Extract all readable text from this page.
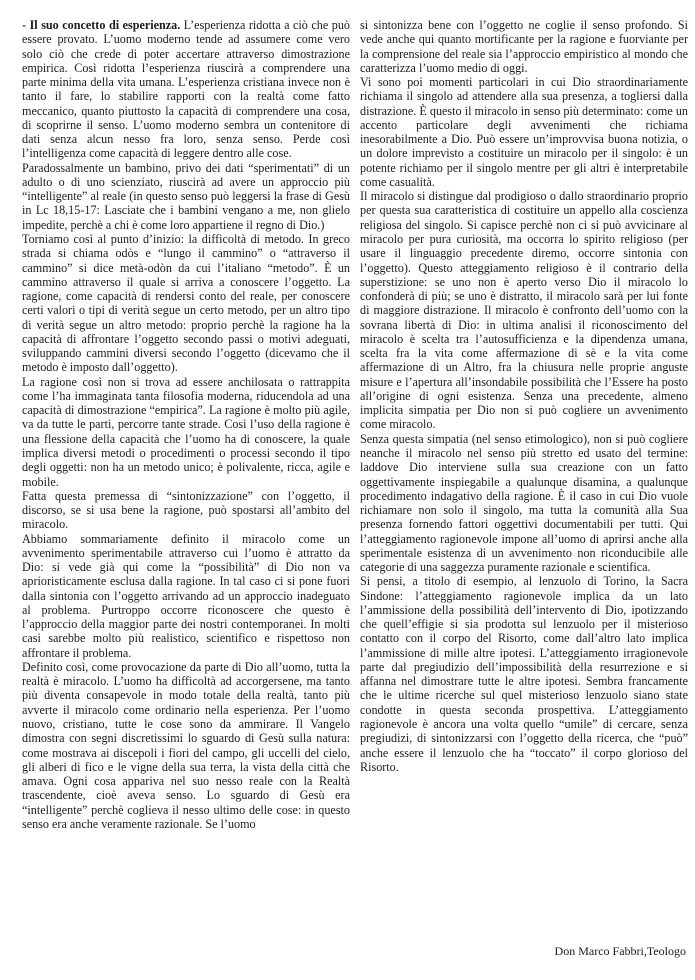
- Il suo concetto di esperienza. L’esperienza ridotta a ciò che può essere provato. L’uomo moderno tende ad assumere come vero solo ciò che crede di poter accertare attraverso dimostrazione empirica. Così ridotta l’esperienza riuscirà a comprendere una parte minima della vita umana. L’esperienza cristiana invece non è tanto il fare, lo stabilire rapporti con la realtà come fatto meccanico, quanto piuttosto la capacità di comprendere una cosa, di scoprirne il senso. L’uomo moderno sembra un contenitore di dati senza alcun nesso fra loro, senza senso. Perde così l’intelligenza come capacità di leggere dentro alle cose.

Paradossalmente un bambino, privo dei dati “sperimentati” di un adulto o di uno scienziato, riuscirà ad avere un approccio più “intelligente” al reale (in questo senso può leggersi la frase di Gesù in Lc 18,15-17: Lasciate che i bambini vengano a me, non glielo impedite, perchè a chi è come loro appartiene il regno di Dio.)

Torniamo così al punto d’inizio: la difficoltà di metodo. In greco strada si chiama odòs e “lungo il cammino” o “attraverso il cammino” si dice metà-odòn da cui l’italiano “metodo”. È un cammino attraverso il quale si arriva a conoscere l’oggetto. La ragione, come capacità di rendersi conto del reale, per conoscere certi valori o tipi di verità segue un certo metodo, per un altro tipo di verità segue un altro metodo: proprio perchè la ragione ha la capacità di affrontare l’oggetto secondo passi o motivi adeguati, sviluppando cammini diversi secondo l’oggetto (dicevamo che il metodo è imposto dall’oggetto).

La ragione così non si trova ad essere anchilosata o rattrappita come l’ha immaginata tanta filosofia moderna, riducendola ad una capacità di dimostrazione “empirica”. La ragione è molto più agile, va da tutte le parti, percorre tante strade. Così l’uso della ragione è una flessione della capacità che l’uomo ha di conoscere, la quale implica diversi metodi o procedimenti o processi secondo il tipo degli oggetti: non ha un metodo unico; è polivalente, ricca, agile e mobile.

Fatta questa premessa di “sintonizzazione” con l’oggetto, il discorso, se si usa bene la ragione, può spostarsi all’ambito del miracolo.

Abbiamo sommariamente definito il miracolo come un avvenimento sperimentabile attraverso cui l’uomo è attratto da Dio: si vede già qui come la “possibilità” di Dio non va aprioristicamente esclusa dalla ragione. In tal caso ci si pone fuori dalla sintonia con l’oggetto arrivando ad un approccio inadeguato al problema. Purtroppo occorre riconoscere che questo è l’approccio della maggior parte dei nostri contemporanei. In molti casi sarebbe molto più realistico, scientifico e rispettoso non affrontare il problema.

Definito così, come provocazione da parte di Dio all’uomo, tutta la realtà è miracolo. L’uomo ha difficoltà ad accorgersene, ma tanto più diventa consapevole in modo totale della realtà, tanto più avverte il miracolo come ordinario nella esperienza. Per l’uomo nuovo, cristiano, tutte le cose sono da ammirare. Il Vangelo dimostra con segni discretissimi lo sguardo di Gesù sulla natura: come mostrava ai discepoli i fiori del campo, gli uccelli del cielo, gli alberi di fico e le vigne della sua terra, la vista della città che amava. Ogni cosa appariva nel suo nesso reale con la Realtà trascendente, cioè aveva senso. Lo sguardo di Gesù era “intelligente” perchè coglieva il nesso ultimo delle cose: in questo senso era anche veramente razionale. Se l’uomo

si sintonizza bene con l’oggetto ne coglie il senso profondo. Si vede anche qui quanto mortificante per la ragione e fuorviante per la comprensione del reale sia l’approccio empiristico al mondo che caratterizza l’uomo medio di oggi.

Vi sono poi momenti particolari in cui Dio straordinariamente richiama il singolo ad attendere alla sua presenza, a togliersi dalla distrazione. È questo il miracolo in senso più determinato: come un accento particolare degli avvenimenti che richiama inesorabilmente a Dio. Può essere un’improvvisa buona notizia, o un dolore imprevisto a costituire un miracolo per il singolo: è un potente richiamo per il singolo mentre per gli altri è interpretabile come casualità.

Il miracolo si distingue dal prodigioso o dallo straordinario proprio per questa sua caratteristica di costituire un appello alla coscienza religiosa del singolo. Si capisce perchè non ci si può avvicinare al miracolo per pura curiosità, ma occorra lo spirito religioso (per usare il linguaggio precedente diremo, occorre sintonia con l’oggetto). Questo atteggiamento religioso è il contrario della superstizione: se uno non è aperto verso Dio il miracolo lo confonderà di più; se uno è distratto, il miracolo sarà per lui fonte di maggiore distrazione. Il miracolo è confronto dell’uomo con la sovrana libertà di Dio: in ultima analisi il riconoscimento del miracolo è scelta tra l’autosufficienza e la dipendenza umana, scelta fra la vita come affermazione di sè e la vita come affermazione di un Altro, fra la chiusura nelle proprie anguste misure e l’apertura all’insondabile possibilità che l’Essere ha posto all’origine di ogni esistenza. Senza una precedente, almeno implicita simpatia per Dio non si può cogliere un avvenimento come miracolo.

Senza questa simpatia (nel senso etimologico), non si può cogliere neanche il miracolo nel senso più stretto ed usato del termine: laddove Dio interviene sulla sua creazione con un fatto oggettivamente inspiegabile a qualunque disamina, a qualunque procedimento indagativo della ragione. È il caso in cui Dio vuole richiamare non solo il singolo, ma tutta la comunità alla Sua presenza fornendo fattori oggettivi documentabili per tutti. Qui l’atteggiamento ragionevole impone all’uomo di aprirsi anche alla sperimentale esistenza di un avvenimento non riconducibile alle categorie di una saggezza puramente razionale e scientifica.

Si pensi, a titolo di esempio, al lenzuolo di Torino, la Sacra Sindone: l’atteggiamento ragionevole implica da un lato l’ammissione della possibilità dell’intervento di Dio, ipotizzando che quell’effigie si sia prodotta sul lenzuolo per il misterioso contatto con il corpo del Risorto, come dall’altro lato implica l’ammissione di mille altre ipotesi. L’atteggiamento irragionevole parte dal pregiudizio dell’impossibilità della resurrezione e si affanna nel dimostrare tutte le altre ipotesi. Sembra francamente che le ultime ricerche sul quel misterioso lenzuolo siano state condotte in questa seconda prospettiva. L’atteggiamento ragionevole è ancora una volta quello “umile” di cercare, senza pregiudizi, di sintonizzarsi con l’oggetto della ricerca, che “può” anche essere il lenzuolo che ha “toccato” il corpo glorioso del Risorto.

Don Marco Fabbri,Teologo
